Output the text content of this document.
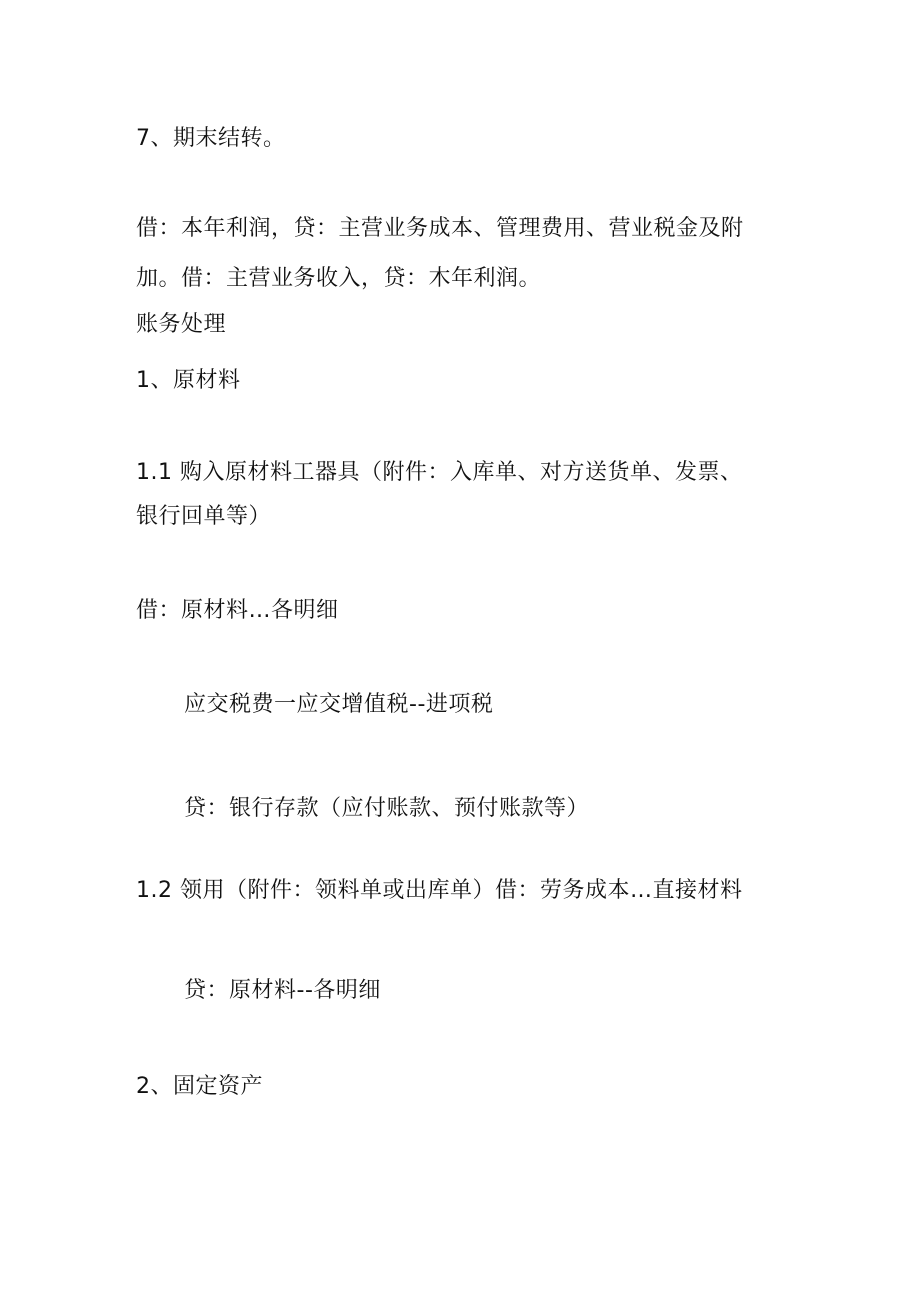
7、期末结转。
借：本年利润，贷：主营业务成本、管理费用、营业税金及附
加。借：主营业务收入，贷：木年利润。
账务处理
1、原材料
1.1 购入原材料工器具（附件：入库单、对方送货单、发票、
银行回单等）
借：原材料…各明细
应交税费一应交增值税--进项税
贷：银行存款（应付账款、预付账款等）
1.2 领用（附件：领料单或出库单）借：劳务成本…直接材料
贷：原材料--各明细
2、固定资产
